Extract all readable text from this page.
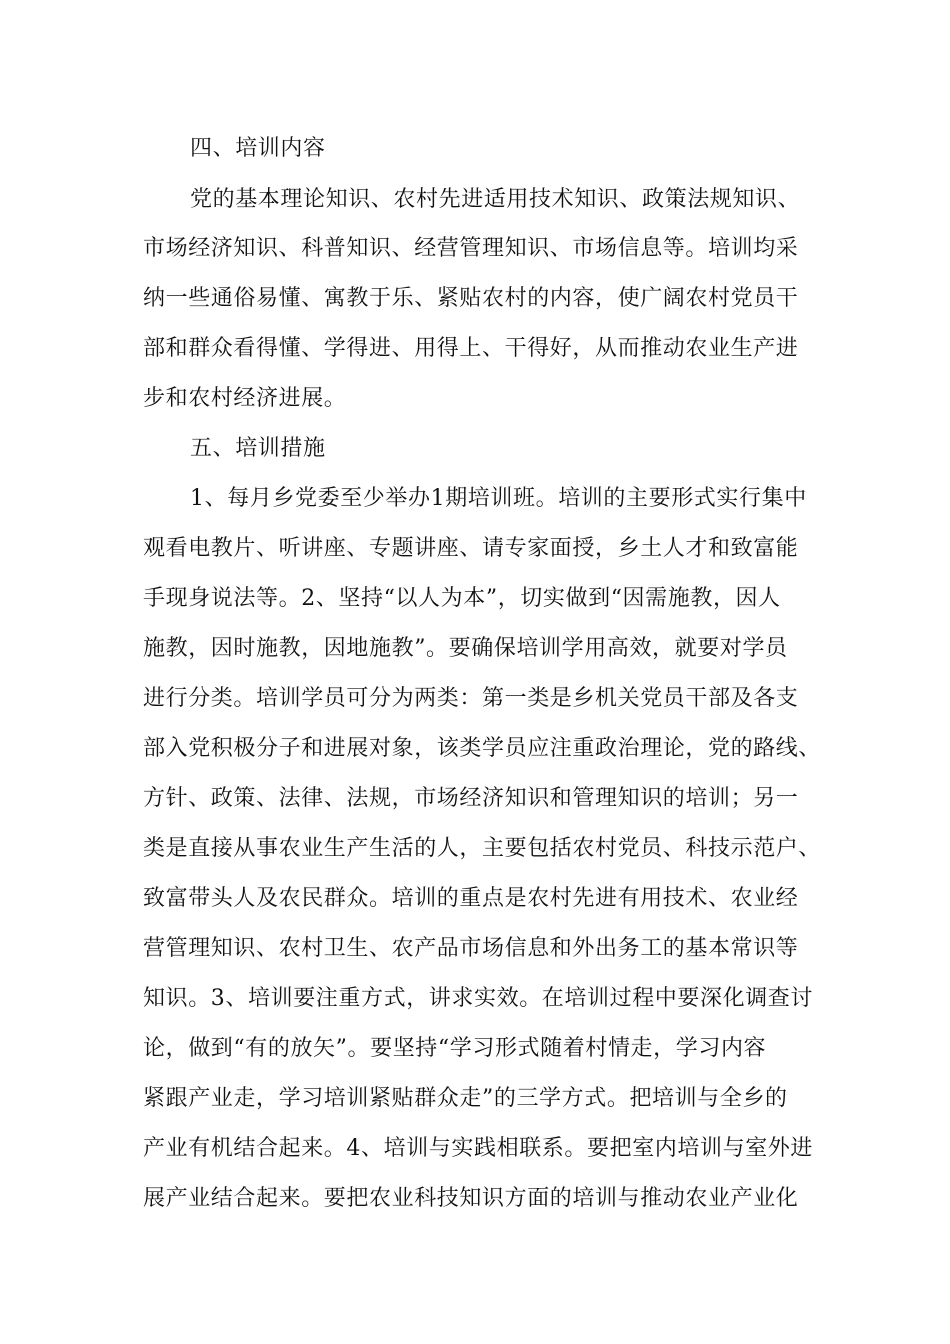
四、培训内容
党的基本理论知识、农村先进适用技术知识、政策法规知识、
市场经济知识、科普知识、经营管理知识、市场信息等。培训均采
纳一些通俗易懂、寓教于乐、紧贴农村的内容，使广阔农村党员干
部和群众看得懂、学得进、用得上、干得好，从而推动农业生产进
步和农村经济进展。
五、培训措施
1、每月乡党委至少举办1期培训班。培训的主要形式实行集中
观看电教片、听讲座、专题讲座、请专家面授，乡土人才和致富能
手现身说法等。2、坚持“以人为本”，切实做到“因需施教，因人
施教，因时施教，因地施教”。要确保培训学用高效，就要对学员
进行分类。培训学员可分为两类：第一类是乡机关党员干部及各支
部入党积极分子和进展对象，该类学员应注重政治理论，党的路线、
方针、政策、法律、法规，市场经济知识和管理知识的培训；另一
类是直接从事农业生产生活的人，主要包括农村党员、科技示范户、
致富带头人及农民群众。培训的重点是农村先进有用技术、农业经
营管理知识、农村卫生、农产品市场信息和外出务工的基本常识等
知识。3、培训要注重方式，讲求实效。在培训过程中要深化调查讨
论，做到“有的放矢”。要坚持“学习形式随着村情走，学习内容
紧跟产业走，学习培训紧贴群众走”的三学方式。把培训与全乡的
产业有机结合起来。4、培训与实践相联系。要把室内培训与室外进
展产业结合起来。要把农业科技知识方面的培训与推动农业产业化
